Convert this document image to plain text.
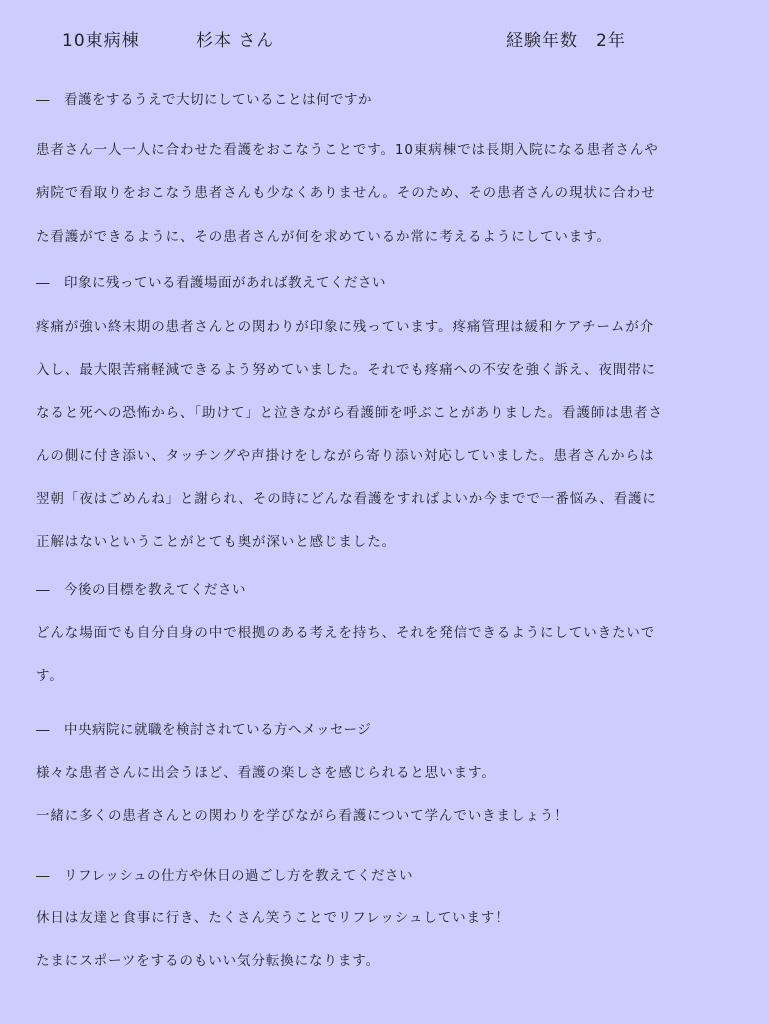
10東病棟	杉本 さん	経験年数　2年
―　看護をするうえで大切にしていることは何ですか
患者さん一人一人に合わせた看護をおこなうことです。10東病棟では長期入院になる患者さんや
病院で看取りをおこなう患者さんも少なくありません。そのため、その患者さんの現状に合わせ
た看護ができるように、その患者さんが何を求めているか常に考えるようにしています。
―　印象に残っている看護場面があれば教えてください
疼痛が強い終末期の患者さんとの関わりが印象に残っています。疼痛管理は緩和ケアチームが介
入し、最大限苦痛軽減できるよう努めていました。それでも疼痛への不安を強く訴え、夜間帯に
なると死への恐怖から、「助けて」と泣きながら看護師を呼ぶことがありました。看護師は患者さ
んの側に付き添い、タッチングや声掛けをしながら寄り添い対応していました。患者さんからは
翌朝「夜はごめんね」と謝られ、その時にどんな看護をすればよいか今までで一番悩み、看護に
正解はないということがとても奥が深いと感じました。
―　今後の目標を教えてください
どんな場面でも自分自身の中で根拠のある考えを持ち、それを発信できるようにしていきたいで
す。
―　中央病院に就職を検討されている方へメッセージ
様々な患者さんに出会うほど、看護の楽しさを感じられると思います。
一緒に多くの患者さんとの関わりを学びながら看護について学んでいきましょう！
―　リフレッシュの仕方や休日の過ごし方を教えてください
休日は友達と食事に行き、たくさん笑うことでリフレッシュしています！
たまにスポーツをするのもいい気分転換になります。
